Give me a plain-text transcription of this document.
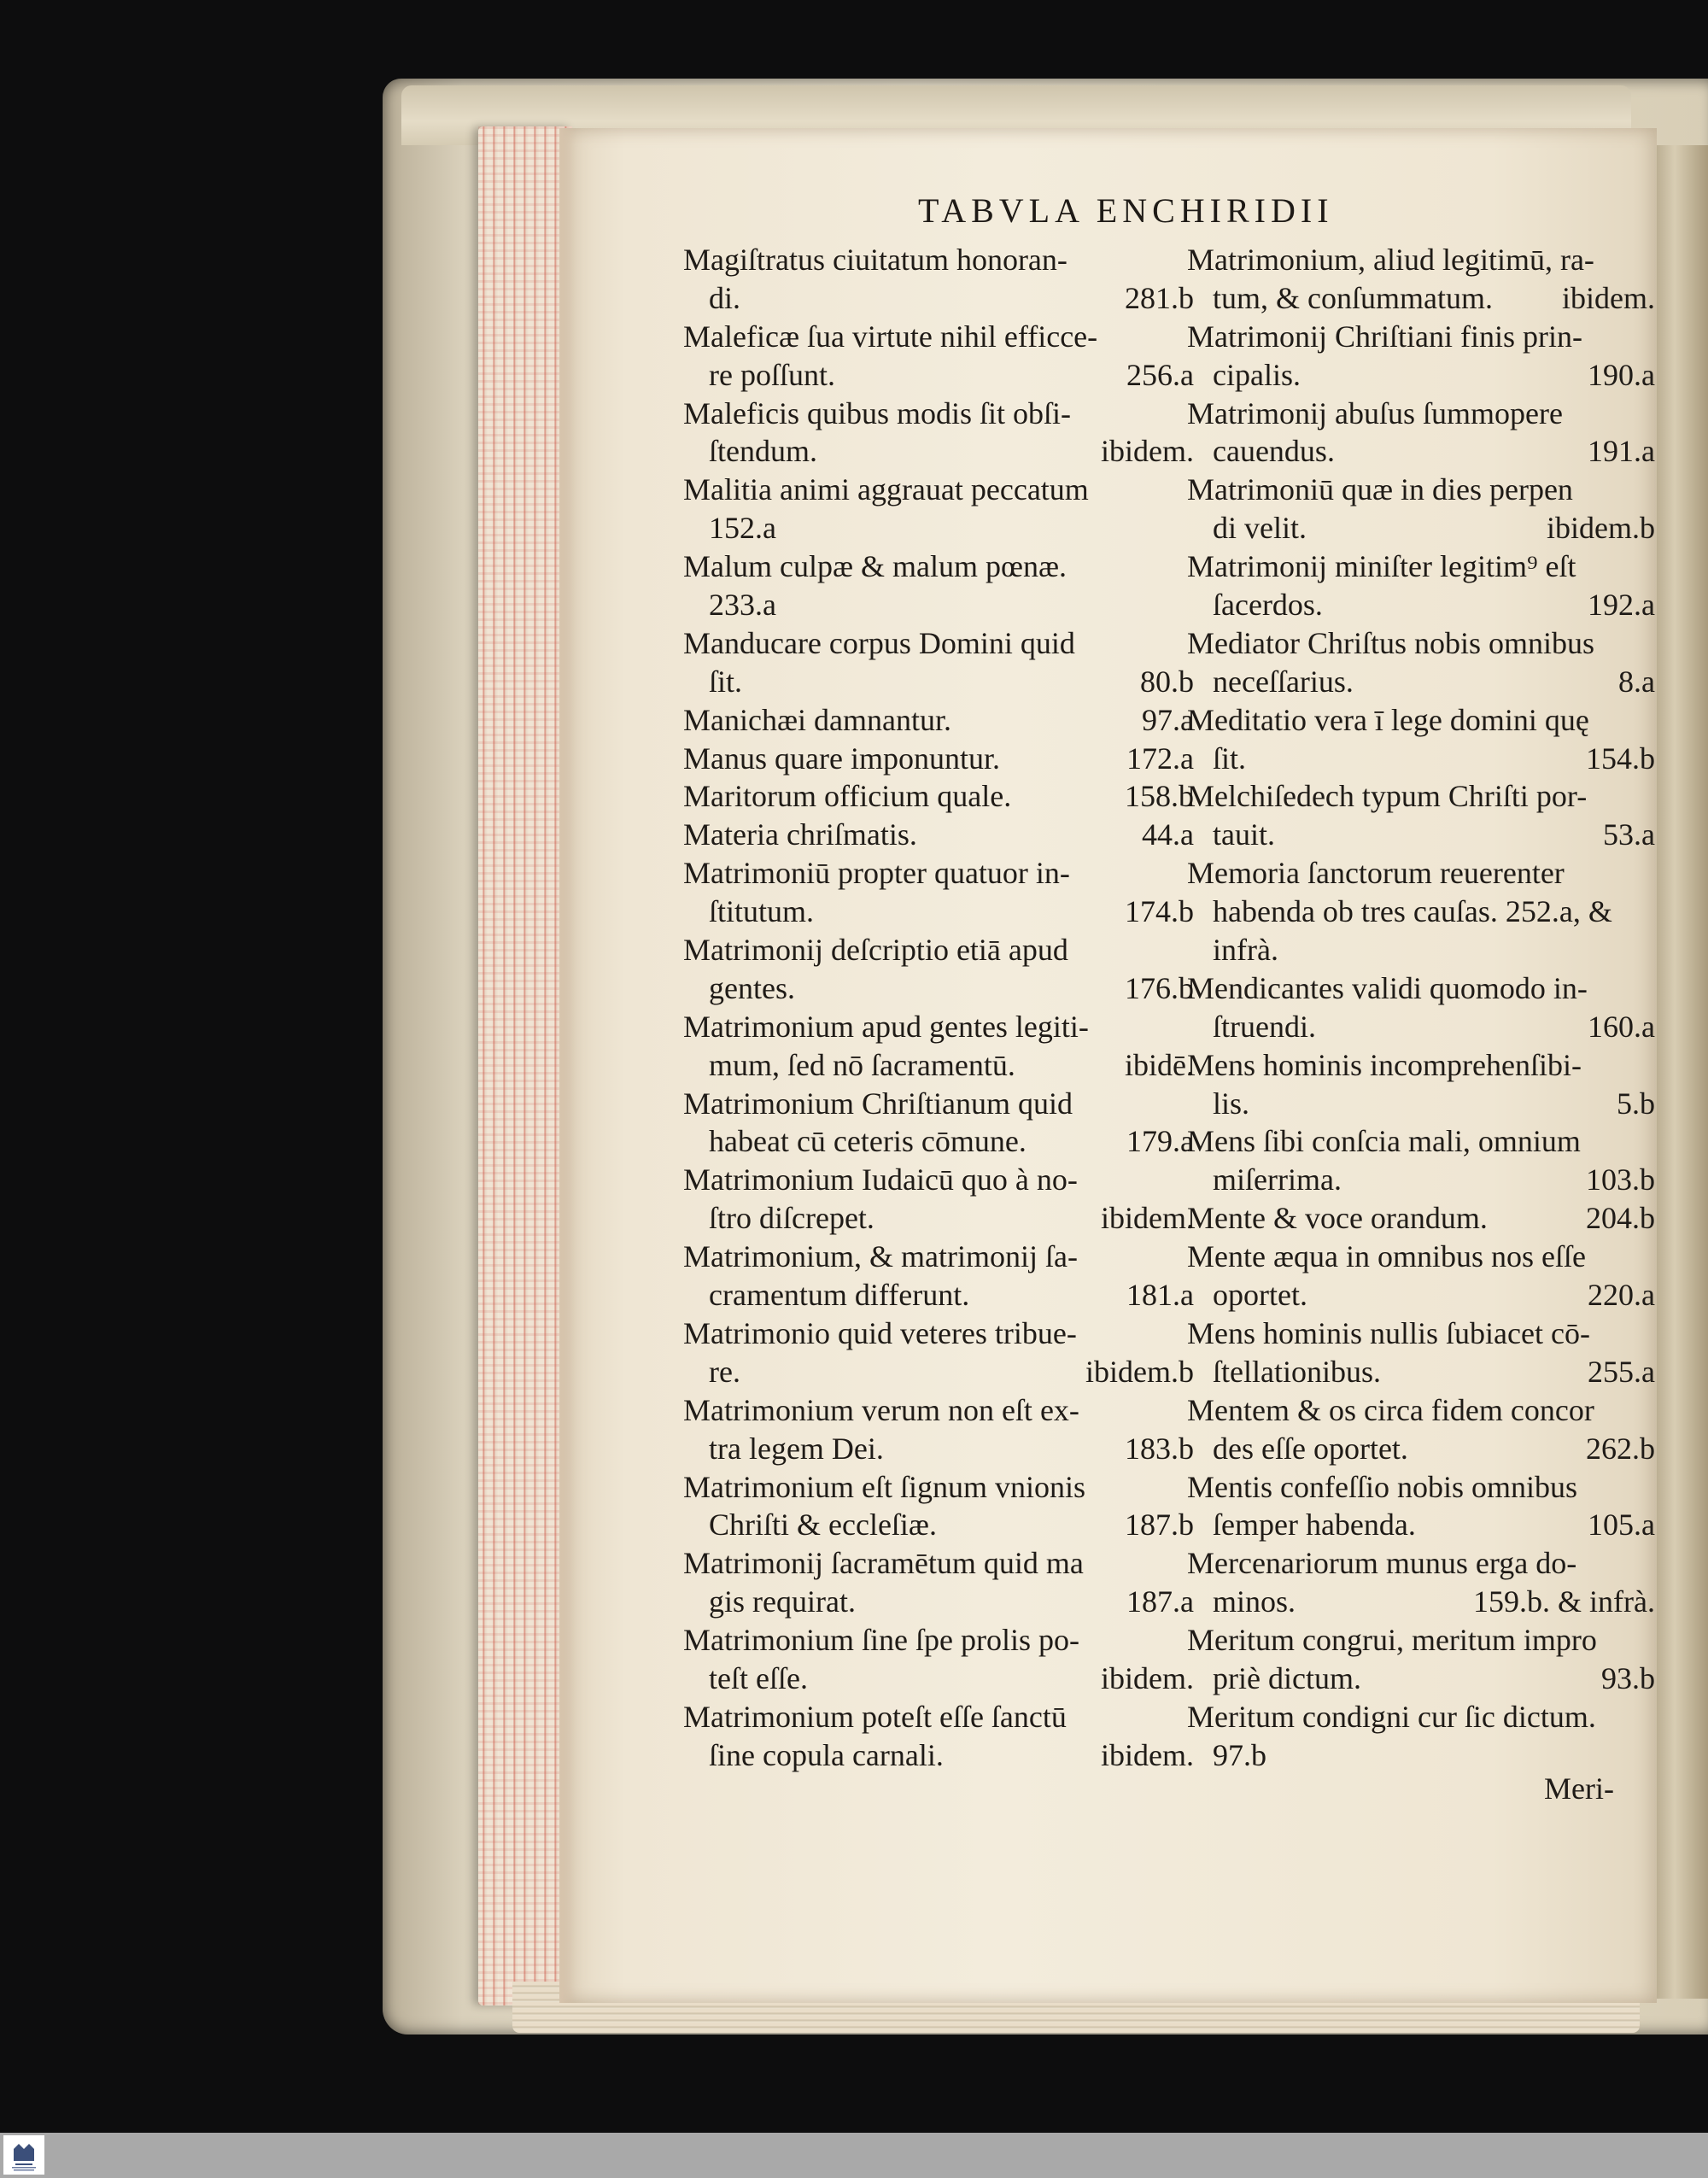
TABVLA ENCHIRIDII
Magiſtratus ciuitatum honoran-
di.	281.b
Maleficæ ſua virtute nihil efficce-
re poſſunt.	256.a
Maleficis quibus modis ſit obſi-
ſtendum.	ibidem.
Malitia animi aggrauat peccatum
152.a
Malum culpæ & malum pœnæ.
233.a
Manducare corpus Domini quid
ſit.	80.b
Manichæi damnantur.	97.a
Manus quare imponuntur.	172.a
Maritorum officium quale.	158.b
Materia chriſmatis.	44.a
Matrimoniū propter quatuor in-
ſtitutum.	174.b
Matrimonij deſcriptio etiā apud
gentes.	176.b
Matrimonium apud gentes legiti-
mum, ſed nō ſacramentū.	ibidē.
Matrimonium Chriſtianum quid
habeat cū ceteris cōmune.	179.a
Matrimonium Iudaicū quo à no-
ſtro diſcrepet.	ibidem.
Matrimonium, & matrimonij ſa-
cramentum differunt.	181.a
Matrimonio quid veteres tribue-
re.	ibidem.b
Matrimonium verum non eſt ex-
tra legem Dei.	183.b
Matrimonium eſt ſignum vnionis
Chriſti & eccleſiæ.	187.b
Matrimonij ſacramētum quid ma
gis requirat.	187.a
Matrimonium ſine ſpe prolis po-
teſt eſſe.	ibidem.
Matrimonium poteſt eſſe ſanctū
ſine copula carnali.	ibidem.
Matrimonium, aliud legitimū, ra-
tum, & conſummatum.	ibidem.
Matrimonij Chriſtiani finis prin-
cipalis.	190.a
Matrimonij abuſus ſummopere
cauendus.	191.a
Matrimoniū quæ in dies perpen
di velit.	ibidem.b
Matrimonij miniſter legitim⁹ eſt
ſacerdos.	192.a
Mediator Chriſtus nobis omnibus
neceſſarius.	8.a
Meditatio vera ī lege domini quę
ſit.	154.b
Melchiſedech typum Chriſti por-
tauit.	53.a
Memoria ſanctorum reuerenter
habenda ob tres cauſas. 252.a, &
infrà.
Mendicantes validi quomodo in-
ſtruendi.	160.a
Mens hominis incomprehenſibi-
lis.	5.b
Mens ſibi conſcia mali, omnium
miſerrima.	103.b
Mente & voce orandum.	204.b
Mente æqua in omnibus nos eſſe
oportet.	220.a
Mens hominis nullis ſubiacet cō-
ſtellationibus.	255.a
Mentem & os circa fidem concor
des eſſe oportet.	262.b
Mentis confeſſio nobis omnibus
ſemper habenda.	105.a
Mercenariorum munus erga do-
minos.	159.b. & infrà.
Meritum congrui, meritum impro
priè dictum.	93.b
Meritum condigni cur ſic dictum.
97.b
Meri-
